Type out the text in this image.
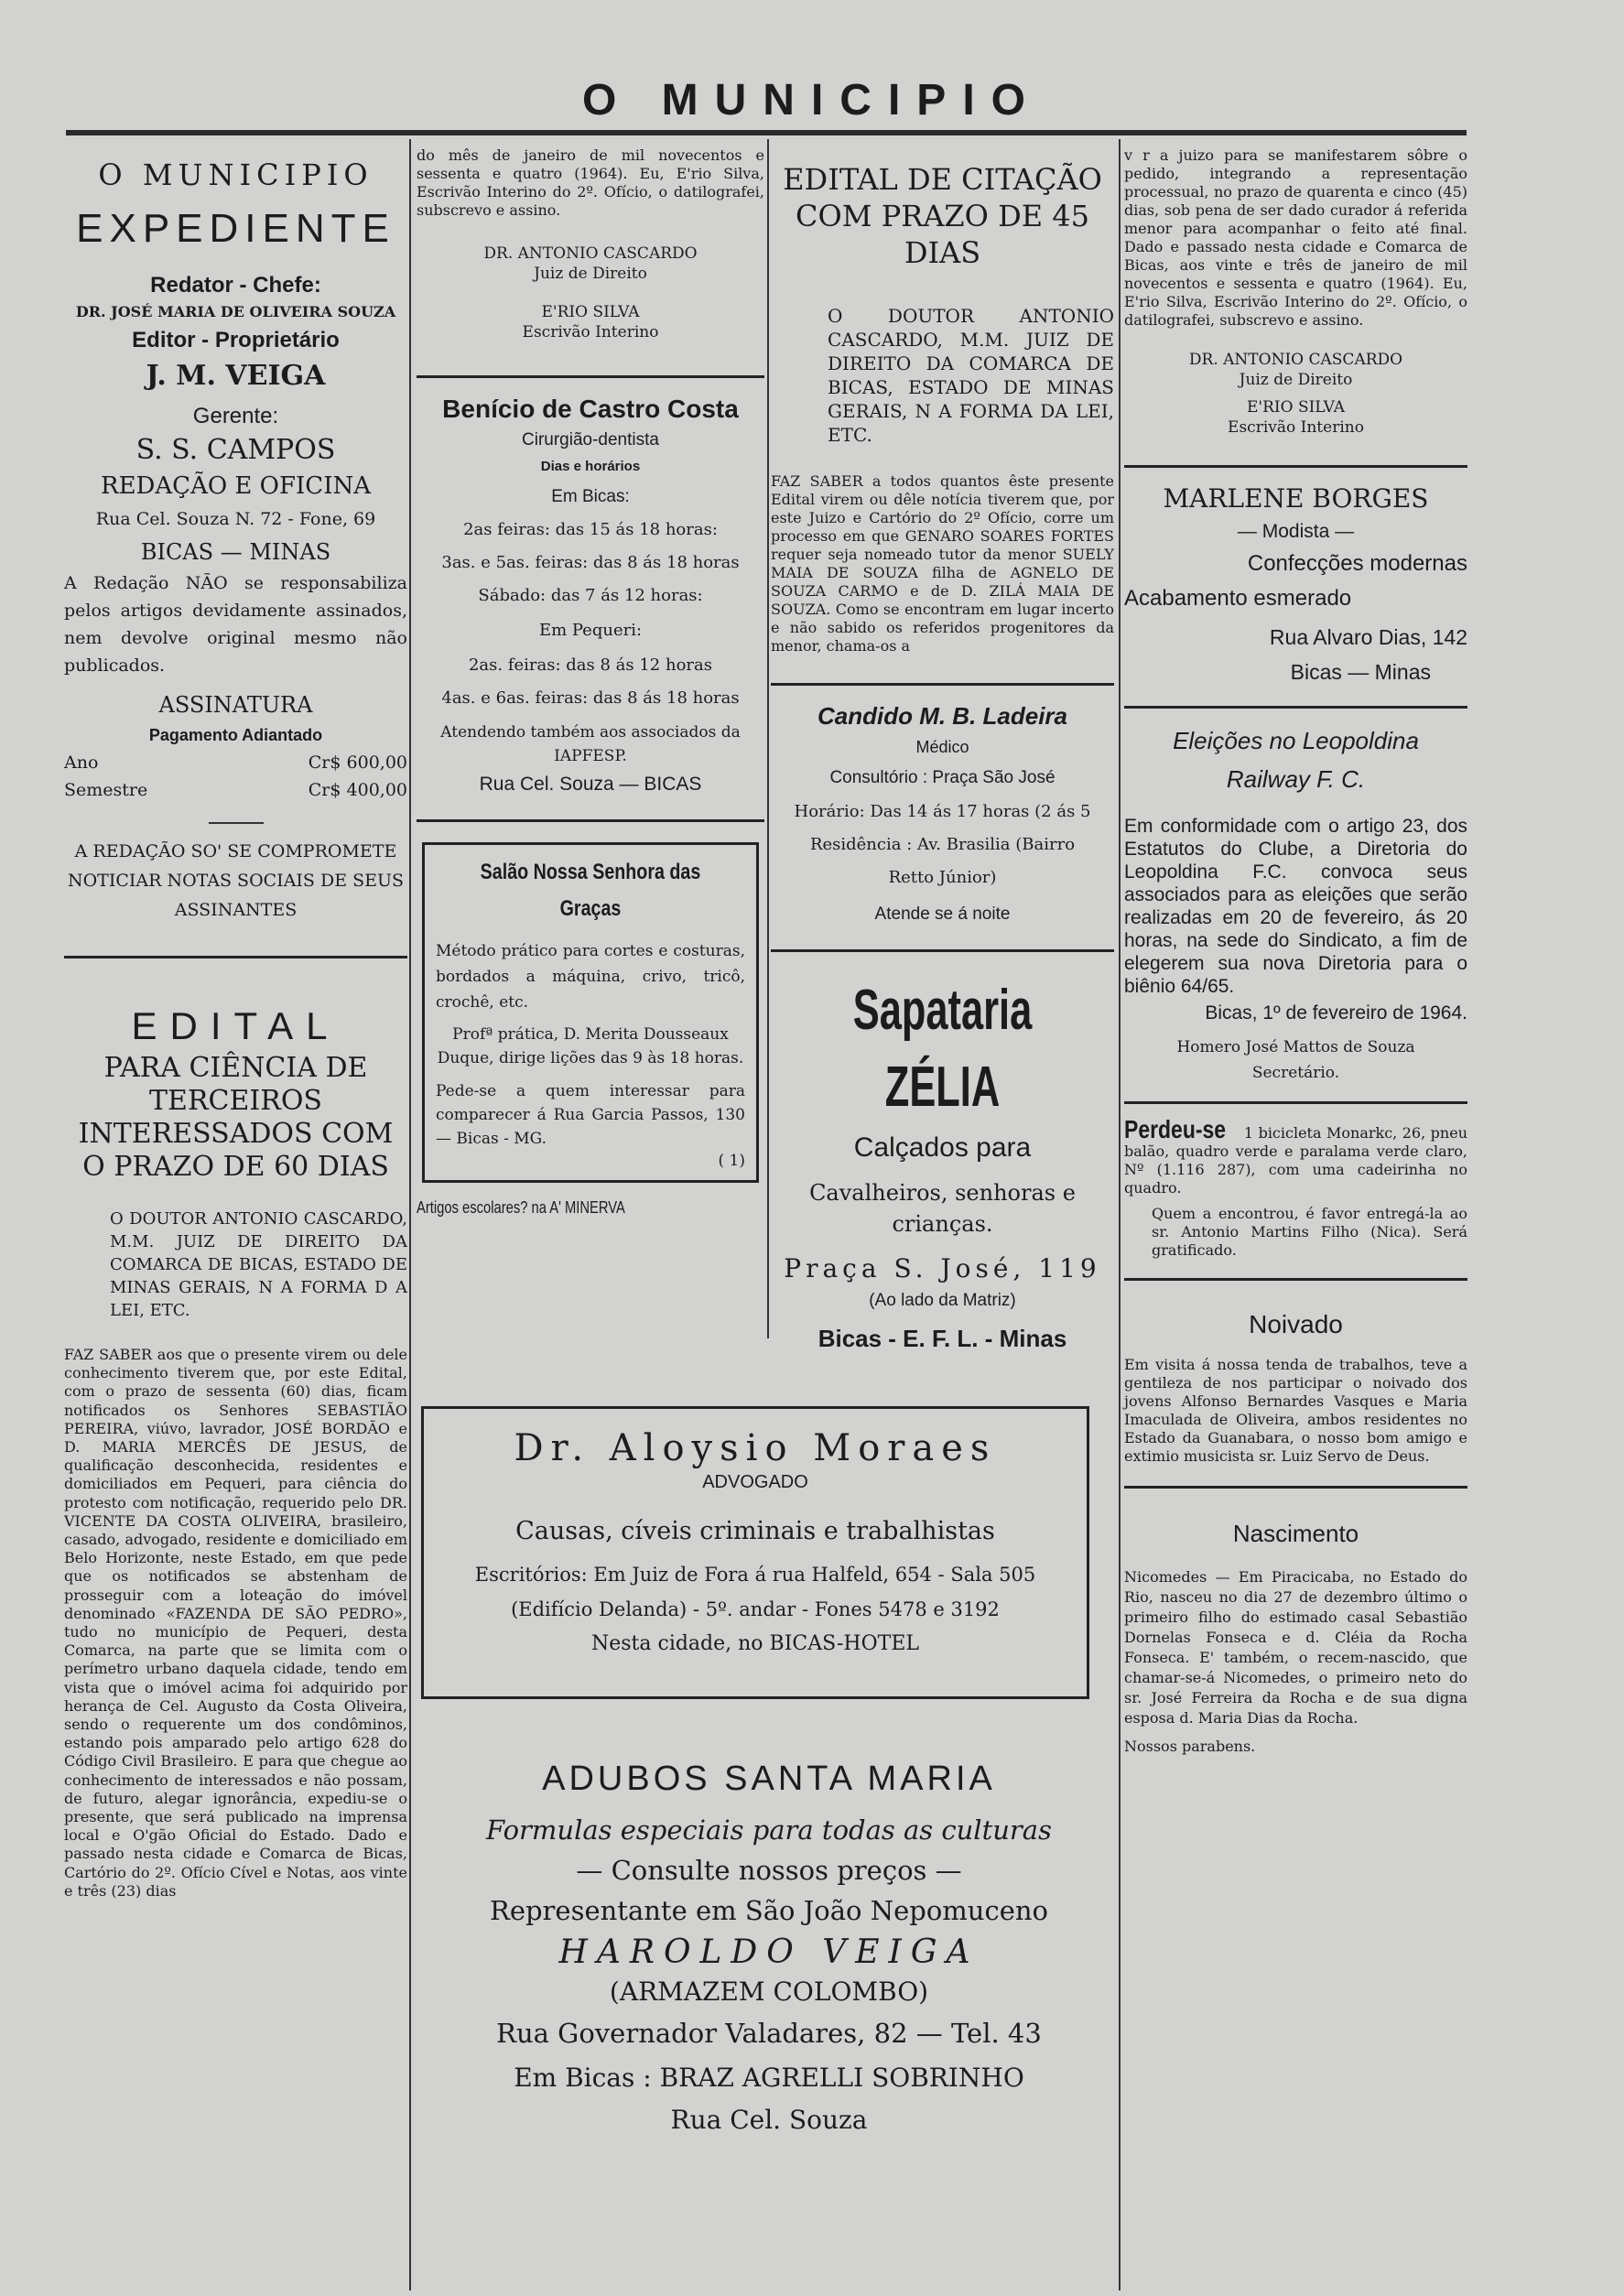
O MUNICIPIO
O MUNICIPIO
EXPEDIENTE
Redator - Chefe:
DR. JOSÉ MARIA DE OLIVEIRA SOUZA
Editor - Proprietário
J. M. VEIGA
Gerente:
S. S. CAMPOS
REDAÇÃO E OFICINA
Rua Cel. Souza N. 72 - Fone, 69
BICAS — MINAS

A Redação NÃO se responsabiliza pelos artigos devidamente assinados, nem devolve original mesmo não publicados.

ASSINATURA
Pagamento Adiantado
Ano	Cr$ 600,00
Semestre	Cr$ 400,00
A REDAÇÃO SO' SE COMPROMETE NOTICIAR NOTAS SOCIAIS DE SEUS ASSINANTES
EDITAL
PARA CIÊNCIA DE TERCEIROS INTERESSADOS COM O PRAZO DE 60 DIAS

O DOUTOR ANTONIO CASCARDO, M.M. JUIZ DE DIREITO DA COMARCA DE BICAS, ESTADO DE MINAS GERAIS, N A FORMA D A LEI, ETC.

FAZ SABER aos que o presente virem ou dele conhecimento tiverem que, por este Edital, com o prazo de sessenta (60) dias, ficam notificados os Senhores SEBASTIÃO PEREIRA, viúvo, lavrador, JOSÉ BORDÃO e D. MARIA MERCÊS DE JESUS, de qualificação desconhecida, residentes e domiciliados em Pequeri, para ciência do protesto com notificação, requerido pelo DR. VICENTE DA COSTA OLIVEIRA, brasileiro, casado, advogado, residente e domiciliado em Belo Horizonte, neste Estado, em que pede que os notificados se abstenham de prosseguir com a loteação do imóvel denominado «FAZENDA DE SÃO PEDRO», tudo no município de Pequeri, desta Comarca, na parte que se limita com o perímetro urbano daquela cidade, tendo em vista que o imóvel acima foi adquirido por herança de Cel. Augusto da Costa Oliveira, sendo o requerente um dos condôminos, estando pois amparado pelo artigo 628 do Código Civil Brasileiro. E para que chegue ao conhecimento de interessados e não possam, de futuro, alegar ignorância, expediu-se o presente, que será publicado na imprensa local e O'gão Oficial do Estado. Dado e passado nesta cidade e Comarca de Bicas, Cartório do 2º. Ofício Cível e Notas, aos vinte e três (23) dias

do mês de janeiro de mil novecentos e sessenta e quatro (1964). Eu, E'rio Silva, Escrivão Interino do 2º. Ofício, o datilografei, subscrevo e assino.

DR. ANTONIO CASCARDO
Juiz de Direito
E'RIO SILVA
Escrivão Interino
Benício de Castro Costa
Cirurgião-dentista
Dias e horários
Em Bicas:
2as feiras: das 15 ás 18 horas:
3as. e 5as. feiras: das 8 ás 18 horas
Sábado: das 7 ás 12 horas:
Em Pequeri:
2as. feiras: das 8 ás 12 horas
4as. e 6as. feiras: das 8 ás 18 horas
Atendendo também aos associados da IAPFESP.
Rua Cel. Souza — BICAS
Salão Nossa Senhora das Graças

Método prático para cortes e costuras, bordados a máquina, crivo, tricô, crochê, etc.

Profª prática, D. Merita Dousseaux Duque, dirige lições das 9 às 18 horas.

Pede-se a quem interessar para comparecer á Rua Garcia Passos, 130 — Bicas - MG.

( 1)
Artigos escolares? na A' MINERVA
EDITAL DE CITAÇÃO COM PRAZO DE 45 DIAS

O DOUTOR ANTONIO CASCARDO, M.M. JUIZ DE DIREITO DA COMARCA DE BICAS, ESTADO DE MINAS GERAIS, N A FORMA DA LEI, ETC.

FAZ SABER a todos quantos êste presente Edital virem ou dêle notícia tiverem que, por este Juizo e Cartório do 2º Ofício, corre um processo em que GENARO SOARES FORTES requer seja nomeado tutor da menor SUELY MAIA DE SOUZA filha de AGNELO DE SOUZA CARMO e de D. ZILÁ MAIA DE SOUZA. Como se encontram em lugar incerto e não sabido os referidos progenitores da menor, chama-os a

Candido M. B. Ladeira
Médico
Consultório : Praça São José
Horário: Das 14 ás 17 horas (2 ás 5
Residência : Av. Brasilia (Bairro Retto Júnior)
Atende se á noite
Sapataria ZÉLIA
Calçados para
Cavalheiros, senhoras e crianças.
Praça S. José, 119
(Ao lado da Matriz)
Bicas - E. F. L. - Minas

v r a juizo para se manifestarem sôbre o pedido, integrando a representação processual, no prazo de quarenta e cinco (45) dias, sob pena de ser dado curador á referida menor para acompanhar o feito até final. Dado e passado nesta cidade e Comarca de Bicas, aos vinte e três de janeiro de mil novecentos e sessenta e quatro (1964). Eu, E'rio Silva, Escrivão Interino do 2º. Ofício, o datilografei, subscrevo e assino.

DR. ANTONIO CASCARDO
Juiz de Direito
E'RIO SILVA
Escrivão Interino
MARLENE BORGES
— Modista —
Confecções modernas
Acabamento esmerado
Rua Alvaro Dias, 142
Bicas — Minas
Eleições no Leopoldina Railway F. C.

Em conformidade com o artigo 23, dos Estatutos do Clube, a Diretoria do Leopoldina F.C. convoca seus associados para as eleições que serão realizadas em 20 de fevereiro, ás 20 horas, na sede do Sindicato, a fim de elegerem sua nova Diretoria para o biênio 64/65.

Bicas, 1º de fevereiro de 1964.
Homero José Mattos de Souza
Secretário.

Perdeu-se 1 bicicleta Monarkc, 26, pneu balão, quadro verde e paralama verde claro, Nº (1.116 287), com uma cadeirinha no quadro.

Quem a encontrou, é favor entregá-la ao sr. Antonio Martins Filho (Nica). Será gratificado.

Noivado

Em visita á nossa tenda de trabalhos, teve a gentileza de nos participar o noivado dos jovens Alfonso Bernardes Vasques e Maria Imaculada de Oliveira, ambos residentes no Estado da Guanabara, o nosso bom amigo e extimio musicista sr. Luiz Servo de Deus.

Nascimento

Nicomedes — Em Piracicaba, no Estado do Rio, nasceu no dia 27 de dezembro último o primeiro filho do estimado casal Sebastião Dornelas Fonseca e d. Cléia da Rocha Fonseca. E' também, o recem-nascido, que chamar-se-á Nicomedes, o primeiro neto do sr. José Ferreira da Rocha e de sua digna esposa d. Maria Dias da Rocha.

Nossos parabens.
Dr. Aloysio Moraes
ADVOGADO
Causas, cíveis criminais e trabalhistas
Escritórios: Em Juiz de Fora á rua Halfeld, 654 - Sala 505
(Edifício Delanda) - 5º. andar - Fones 5478 e 3192
Nesta cidade, no BICAS-HOTEL
ADUBOS SANTA MARIA
Formulas especiais para todas as culturas
— Consulte nossos preços —
Representante em São João Nepomuceno
HAROLDO VEIGA
(ARMAZEM COLOMBO)
Rua Governador Valadares, 82 — Tel. 43
Em Bicas : BRAZ AGRELLI SOBRINHO
Rua Cel. Souza
